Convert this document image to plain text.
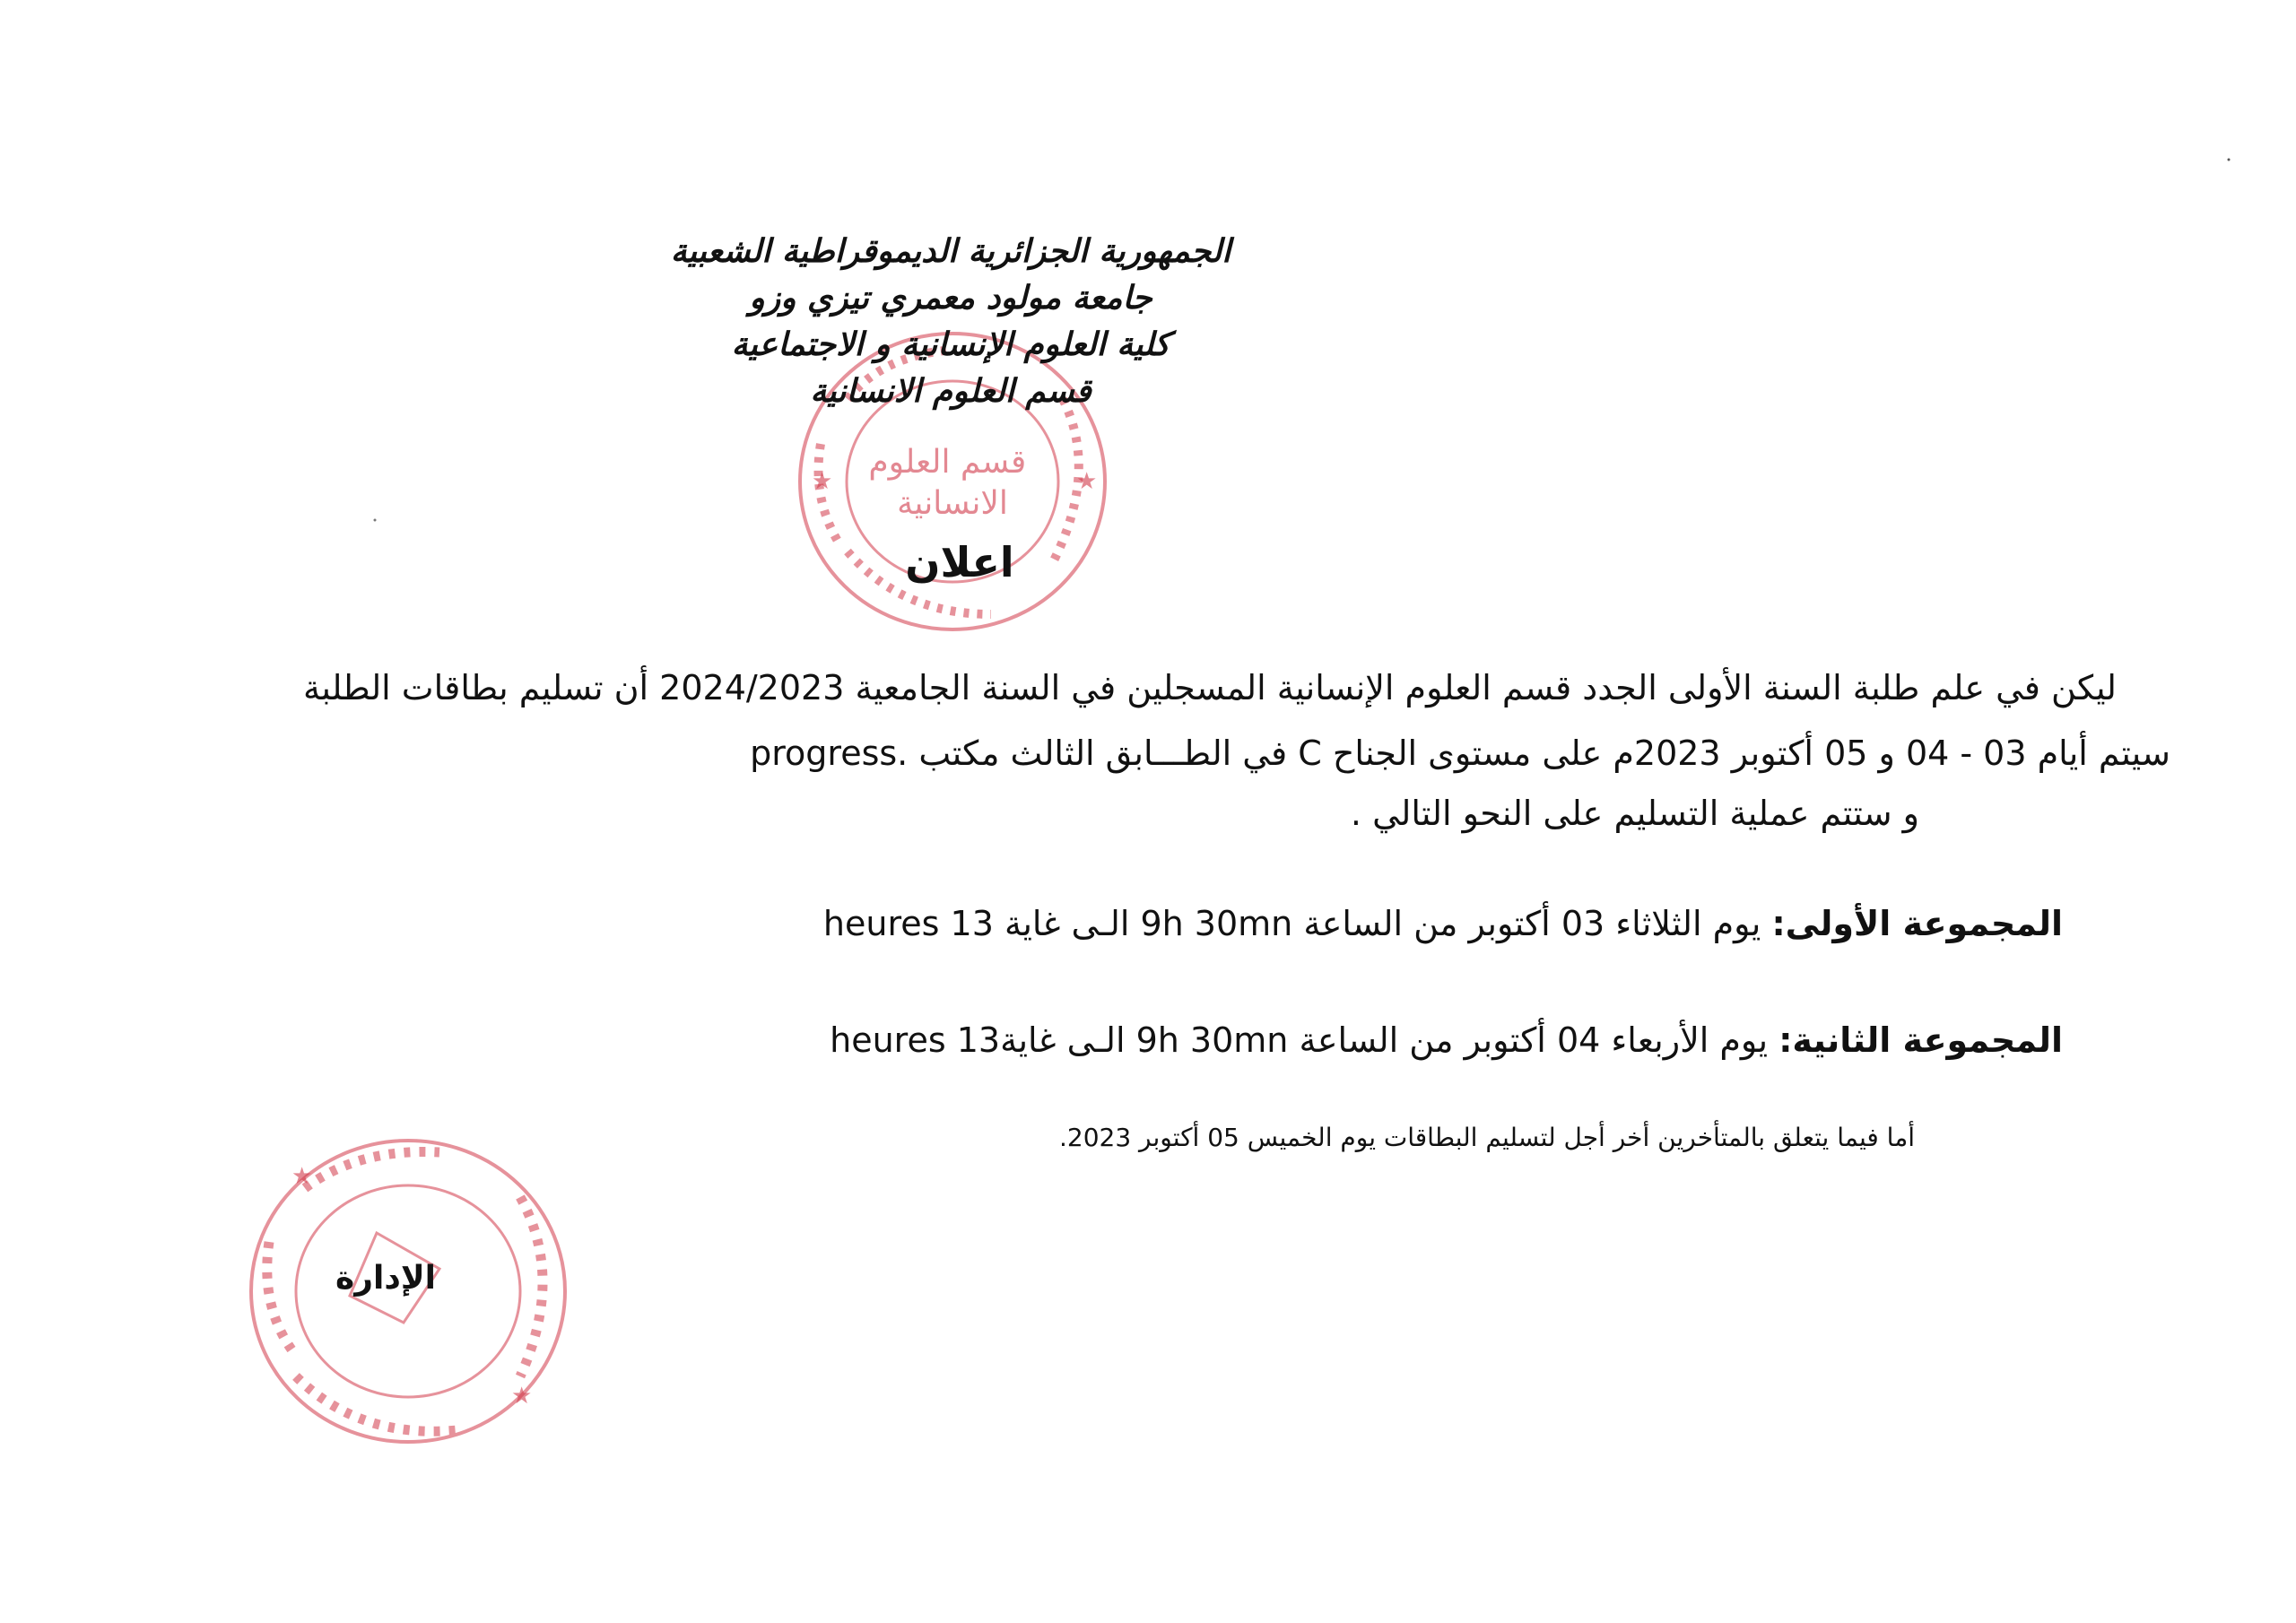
الجمهورية الجزائرية الديموقراطية الشعبية
جامعة مولود معمري تيزي وزو
كلية العلوم الإنسانية و الاجتماعية
قسم العلوم الانسانية
★	★
قسم العلوم الانسانية
اعلان
ليكن في علم طلبة السنة الأولى الجدد قسم العلوم الإنسانية المسجلين في السنة الجامعية 2024/2023 أن تسليم بطاقات الطلبة
سيتم أيام 03 - 04 و 05 أكتوبر 2023م على مستوى الجناح C في الطـــابق الثالث مكتب .progress
و ستتم عملية التسليم على النحو التالي .
المجموعة الأولى: يوم الثلاثاء 03 أكتوبر من الساعة 9h 30mn الـى غاية 13 heures
المجموعة الثانية: يوم الأربعاء 04 أكتوبر من الساعة 9h 30mn الـى غاية13 heures
أما فيما يتعلق بالمتأخرين أخر أجل لتسليم البطاقات يوم الخميس 05 أكتوبر 2023.
★
★
الإدارة
